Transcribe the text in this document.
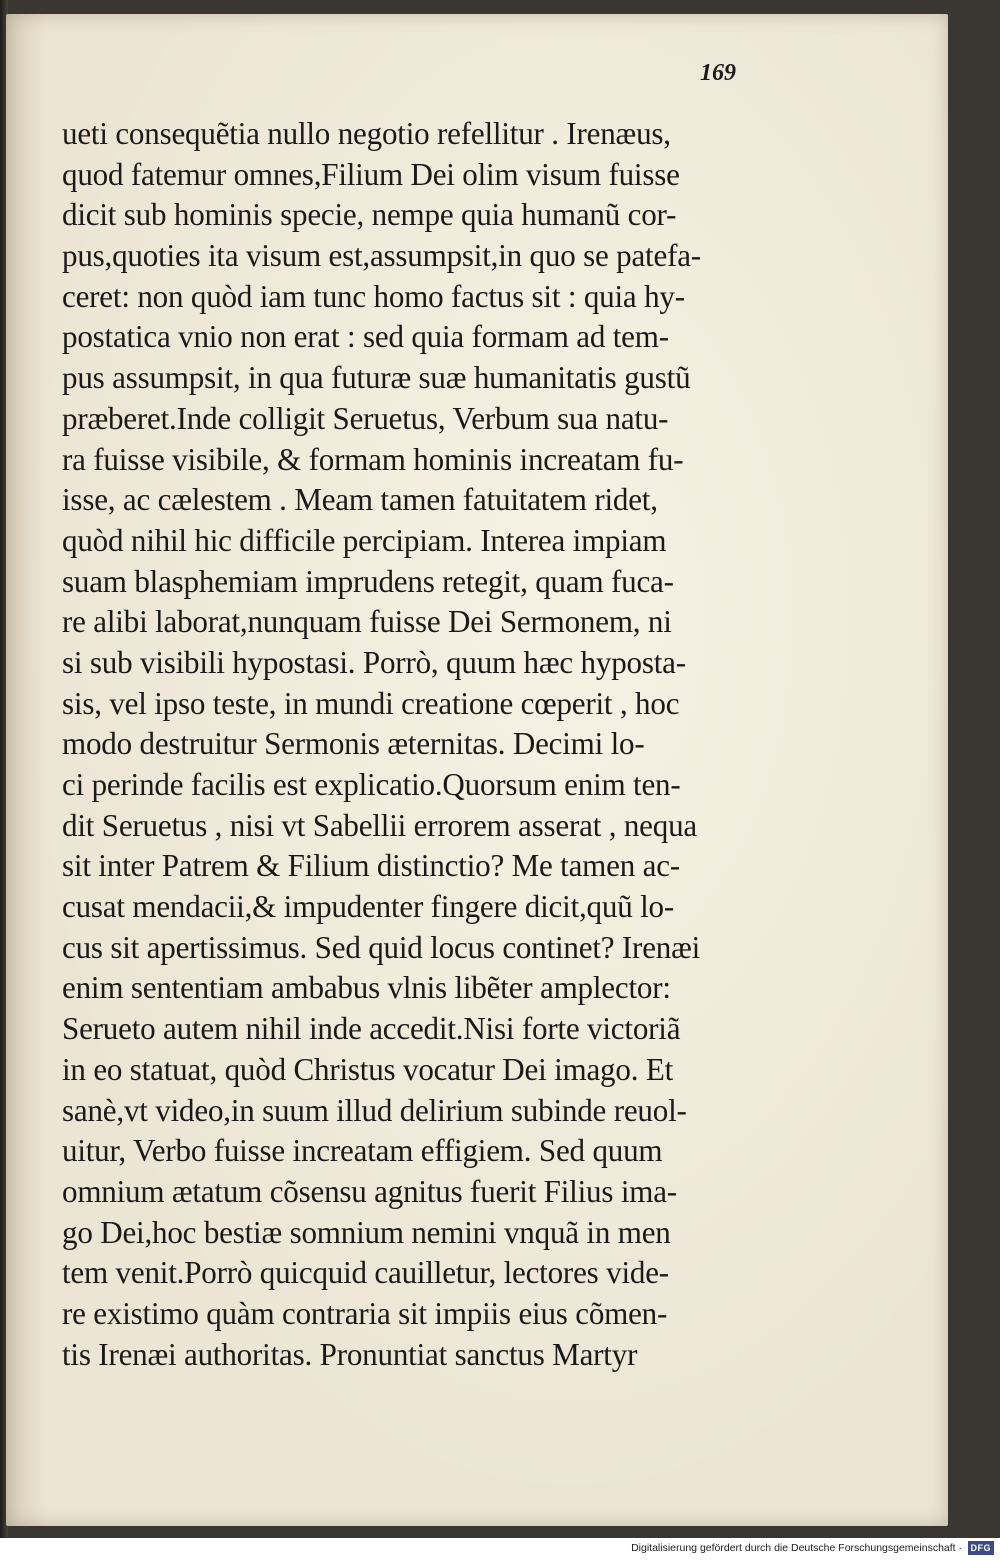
169
ueti consequẽtia nullo negotio refellitur . Irenæus,
quod fatemur omnes,Filium Dei olim visum fuisse
dicit sub hominis specie, nempe quia humanũ cor-
pus,quoties ita visum est,assumpsit,in quo se patefa-
ceret: non quòd iam tunc homo factus sit : quia hy-
postatica vnio non erat : sed quia formam ad tem-
pus assumpsit, in qua futuræ suæ humanitatis gustũ
præberet.Inde colligit Seruetus, Verbum sua natu-
ra fuisse visibile, & formam hominis increatam fu-
isse, ac cælestem . Meam tamen fatuitatem ridet,
quòd nihil hic difficile percipiam. Interea impiam
suam blasphemiam imprudens retegit, quam fuca-
re alibi laborat,nunquam fuisse Dei Sermonem, ni
si sub visibili hypostasi. Porrò, quum hæc hyposta-
sis, vel ipso teste, in mundi creatione cœperit , hoc
modo destruitur Sermonis æternitas. Decimi lo-
ci perinde facilis est explicatio.Quorsum enim ten-
dit Seruetus , nisi vt Sabellii errorem asserat , nequa
sit inter Patrem & Filium distinctio? Me tamen ac-
cusat mendacii,& impudenter fingere dicit,quũ lo-
cus sit apertissimus. Sed quid locus continet? Irenæi
enim sententiam ambabus vlnis libẽter amplector:
Serueto autem nihil inde accedit.Nisi forte victoriã
in eo statuat, quòd Christus vocatur Dei imago. Et
sanè,vt video,in suum illud delirium subinde reuol-
uitur, Verbo fuisse increatam effigiem. Sed quum
omnium ætatum cõsensu agnitus fuerit Filius ima-
go Dei,hoc bestiæ somnium nemini vnquã in men
tem venit.Porrò quicquid cauilletur, lectores vide-
re existimo quàm contraria sit impiis eius cõmen-
tis Irenæi authoritas. Pronuntiat sanctus Martyr
Digitalisierung gefördert durch die Deutsche Forschungsgemeinschaft · DFG
